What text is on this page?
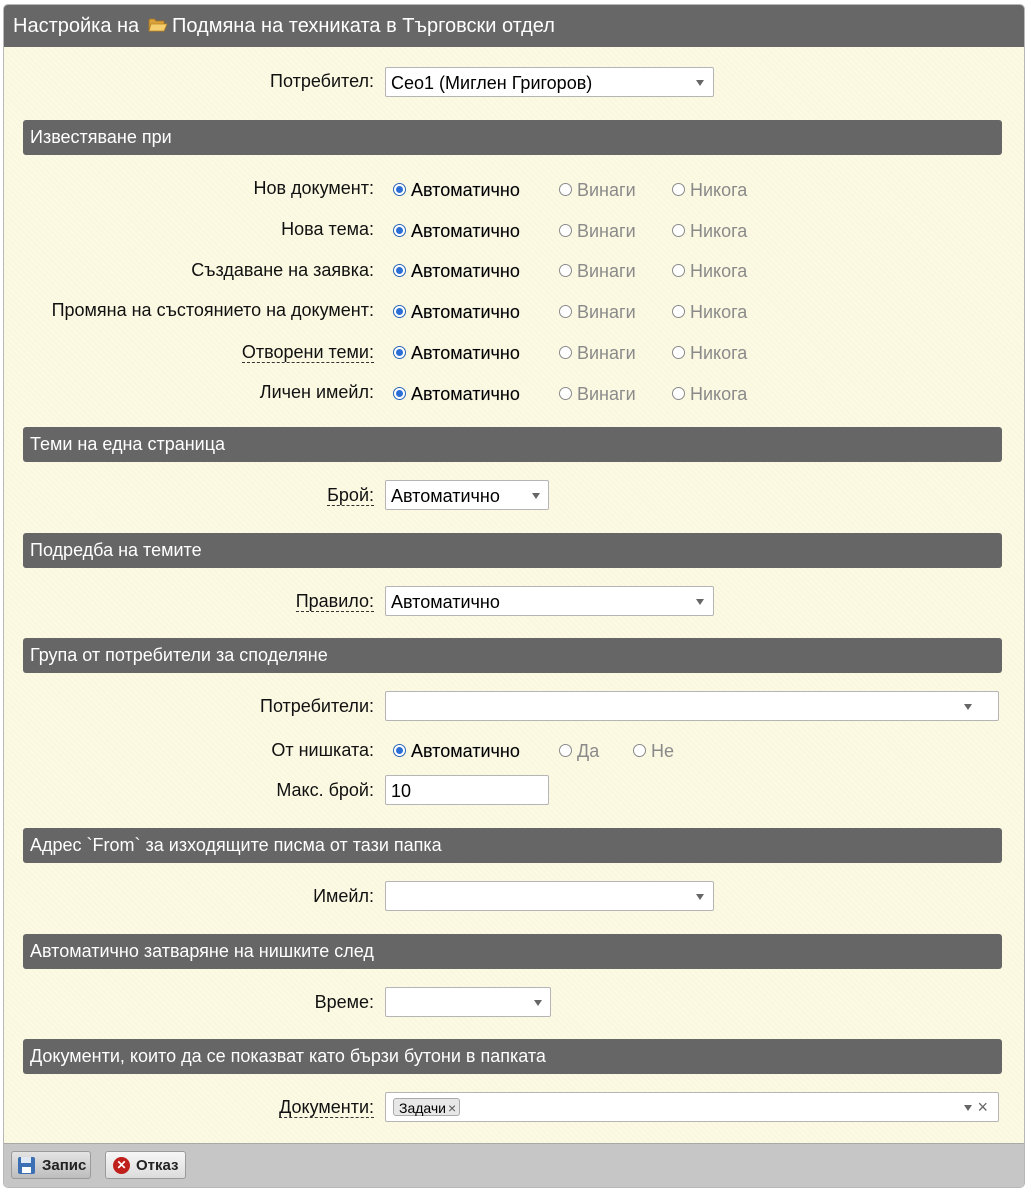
Настройка на Подмяна на техниката в Търговски отдел
Потребител: Ceo1 (Миглен Григоров)
Известяване при
Нов документ: Автоматично	Винаги	Никога
Нова тема: Автоматично	Винаги	Никога
Създаване на заявка: Автоматично	Винаги	Никога
Промяна на състоянието на документ: Автоматично	Винаги	Никога
Отворени теми: Автоматично	Винаги	Никога
Личен имейл: Автоматично	Винаги	Никога
Теми на една страница
Брой: Автоматично
Подредба на темите
Правило: Автоматично
Група от потребители за споделяне
Потребители:
От нишката: Автоматично	Да	Не
Макс. брой: 10
Адрес `From` за изходящите писма от тази папка
Имейл:
Автоматично затваряне на нишките след
Време:
Документи, които да се показват като бързи бутони в папката
Документи:	Задачи ×	×
Запис	✕ Отказ
